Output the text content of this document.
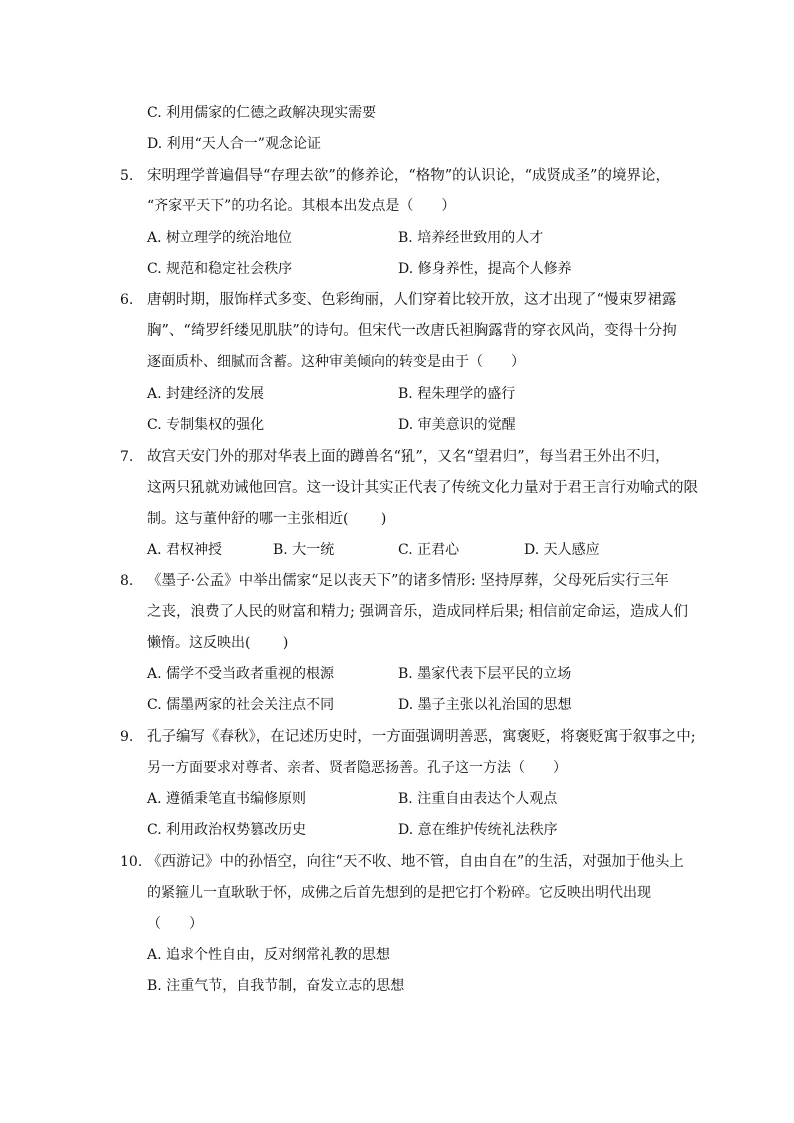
C. 利用儒家的仁德之政解决现实需要
D. 利用“天人合一”观念论证
5. 宋明理学普遍倡导“存理去欲”的修养论，“格物”的认识论，“成贤成圣”的境界论，
“齐家平天下”的功名论。其根本出发点是（　　）
A. 树立理学的统治地位	B. 培养经世致用的人才
C. 规范和稳定社会秩序	D. 修身养性，提高个人修养
6. 唐朝时期，服饰样式多变、色彩绚丽，人们穿着比较开放，这才出现了“慢束罗裙露
胸”、“绮罗纤缕见肌肤”的诗句。但宋代一改唐氏袒胸露背的穿衣风尚，变得十分拘
逐面质朴、细腻而含蓄。这种审美倾向的转变是由于（　　）
A. 封建经济的发展	B. 程朱理学的盛行
C. 专制集权的强化	D. 审美意识的觉醒
7. 故宫天安门外的那对华表上面的蹲兽名“犼”，又名“望君归”，每当君王外出不归，
这两只犼就劝诫他回宫。这一设计其实正代表了传统文化力量对于君王言行劝喻式的限
制。这与董仲舒的哪一主张相近(　　 )
A. 君权神授	B. 大一统	C. 正君心	D. 天人感应
8. 《墨子·公孟》中举出儒家“足以丧天下”的诸多情形: 坚持厚葬，父母死后实行三年
之丧，浪费了人民的财富和精力; 强调音乐，造成同样后果; 相信前定命运，造成人们
懒惰。这反映出(　　 )
A. 儒学不受当政者重视的根源	B. 墨家代表下层平民的立场
C. 儒墨两家的社会关注点不同	D. 墨子主张以礼治国的思想
9. 孔子编写《春秋》，在记述历史时，一方面强调明善恶，寓褒贬，将褒贬寓于叙事之中;
另一方面要求对尊者、亲者、贤者隐恶扬善。孔子这一方法（　　）
A. 遵循秉笔直书编修原则	B. 注重自由表达个人观点
C. 利用政治权势篡改历史	D. 意在维护传统礼法秩序
10. 《西游记》中的孙悟空，向往“天不收、地不管，自由自在”的生活，对强加于他头上
的紧箍儿一直耿耿于怀，成佛之后首先想到的是把它打个粉碎。它反映出明代出现
（　　）
A. 追求个性自由，反对纲常礼教的思想
B. 注重气节，自我节制，奋发立志的思想
